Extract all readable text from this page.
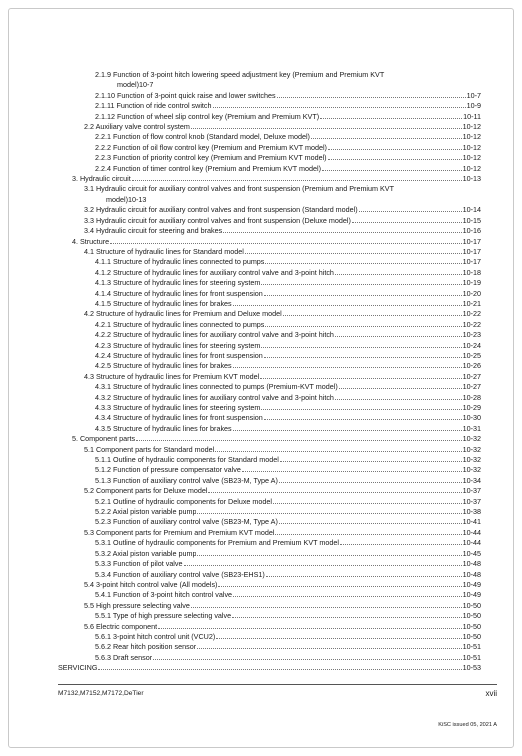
2.1.9 Function of 3-point hitch lowering speed adjustment key (Premium and Premium KVT
model) 10-7
2.1.10 Function of 3-point quick raise and lower switches	10-7
2.1.11 Function of ride control switch	10-9
2.1.12 Function of wheel slip control key (Premium and Premium KVT)	10-11
2.2 Auxiliary valve control system	10-12
2.2.1 Function of flow control knob (Standard model, Deluxe model)	10-12
2.2.2 Function of oil flow control key (Premium and Premium KVT model)	10-12
2.2.3 Function of priority control key (Premium and Premium KVT model)	10-12
2.2.4 Function of timer control key (Premium and Premium KVT model)	10-12
3. Hydraulic circuit	10-13
3.1 Hydraulic circuit for auxiliary control valves and front suspension (Premium and Premium KVT
model) 10-13
3.2 Hydraulic circuit for auxiliary control valves and front suspension (Standard model)	10-14
3.3 Hydraulic circuit for auxiliary control valves and front suspension (Deluxe model)	10-15
3.4 Hydraulic circuit for steering and brakes	10-16
4. Structure	10-17
4.1 Structure of hydraulic lines for Standard model	10-17
4.1.1 Structure of hydraulic lines connected to pumps	10-17
4.1.2 Structure of hydraulic lines for auxiliary control valve and 3-point hitch	10-18
4.1.3 Structure of hydraulic lines for steering system	10-19
4.1.4 Structure of hydraulic lines for front suspension	10-20
4.1.5 Structure of hydraulic lines for brakes	10-21
4.2 Structure of hydraulic lines for Premium and Deluxe model	10-22
4.2.1 Structure of hydraulic lines connected to pumps	10-22
4.2.2 Structure of hydraulic lines for auxiliary control valve and 3-point hitch	10-23
4.2.3 Structure of hydraulic lines for steering system	10-24
4.2.4 Structure of hydraulic lines for front suspension	10-25
4.2.5 Structure of hydraulic lines for brakes	10-26
4.3 Structure of hydraulic lines for Premium KVT model	10-27
4.3.1 Structure of hydraulic lines connected to pumps (Premium-KVT model)	10-27
4.3.2 Structure of hydraulic lines for auxiliary control valve and 3-point hitch	10-28
4.3.3 Structure of hydraulic lines for steering system	10-29
4.3.4 Structure of hydraulic lines for front suspension	10-30
4.3.5 Structure of hydraulic lines for brakes	10-31
5. Component parts	10-32
5.1 Component parts for Standard model	10-32
5.1.1 Outline of hydraulic components for Standard model	10-32
5.1.2 Function of pressure compensator valve	10-32
5.1.3 Function of auxiliary control valve (SB23-M, Type A)	10-34
5.2 Component parts for Deluxe model	10-37
5.2.1 Outline of hydraulic components for Deluxe model	10-37
5.2.2 Axial piston variable pump	10-38
5.2.3 Function of auxiliary control valve (SB23-M, Type A)	10-41
5.3 Component parts for Premium and Premium KVT model	10-44
5.3.1 Outline of hydraulic components for Premium and Premium KVT model	10-44
5.3.2 Axial piston variable pump	10-45
5.3.3 Function of pilot valve	10-48
5.3.4 Function of auxiliary control valve (SB23-EHS1)	10-48
5.4 3-point hitch control valve (All models)	10-49
5.4.1 Function of 3-point hitch control valve	10-49
5.5 High pressure selecting valve	10-50
5.5.1 Type of high pressure selecting valve	10-50
5.6 Electric component	10-50
5.6.1 3-point hitch control unit (VCU2)	10-50
5.6.2 Rear hitch position sensor	10-51
5.6.3 Draft sensor	10-51
SERVICING	10-53
M7132,M7152,M7172,DeTier	xvii
KiSC issued 05, 2021 A
